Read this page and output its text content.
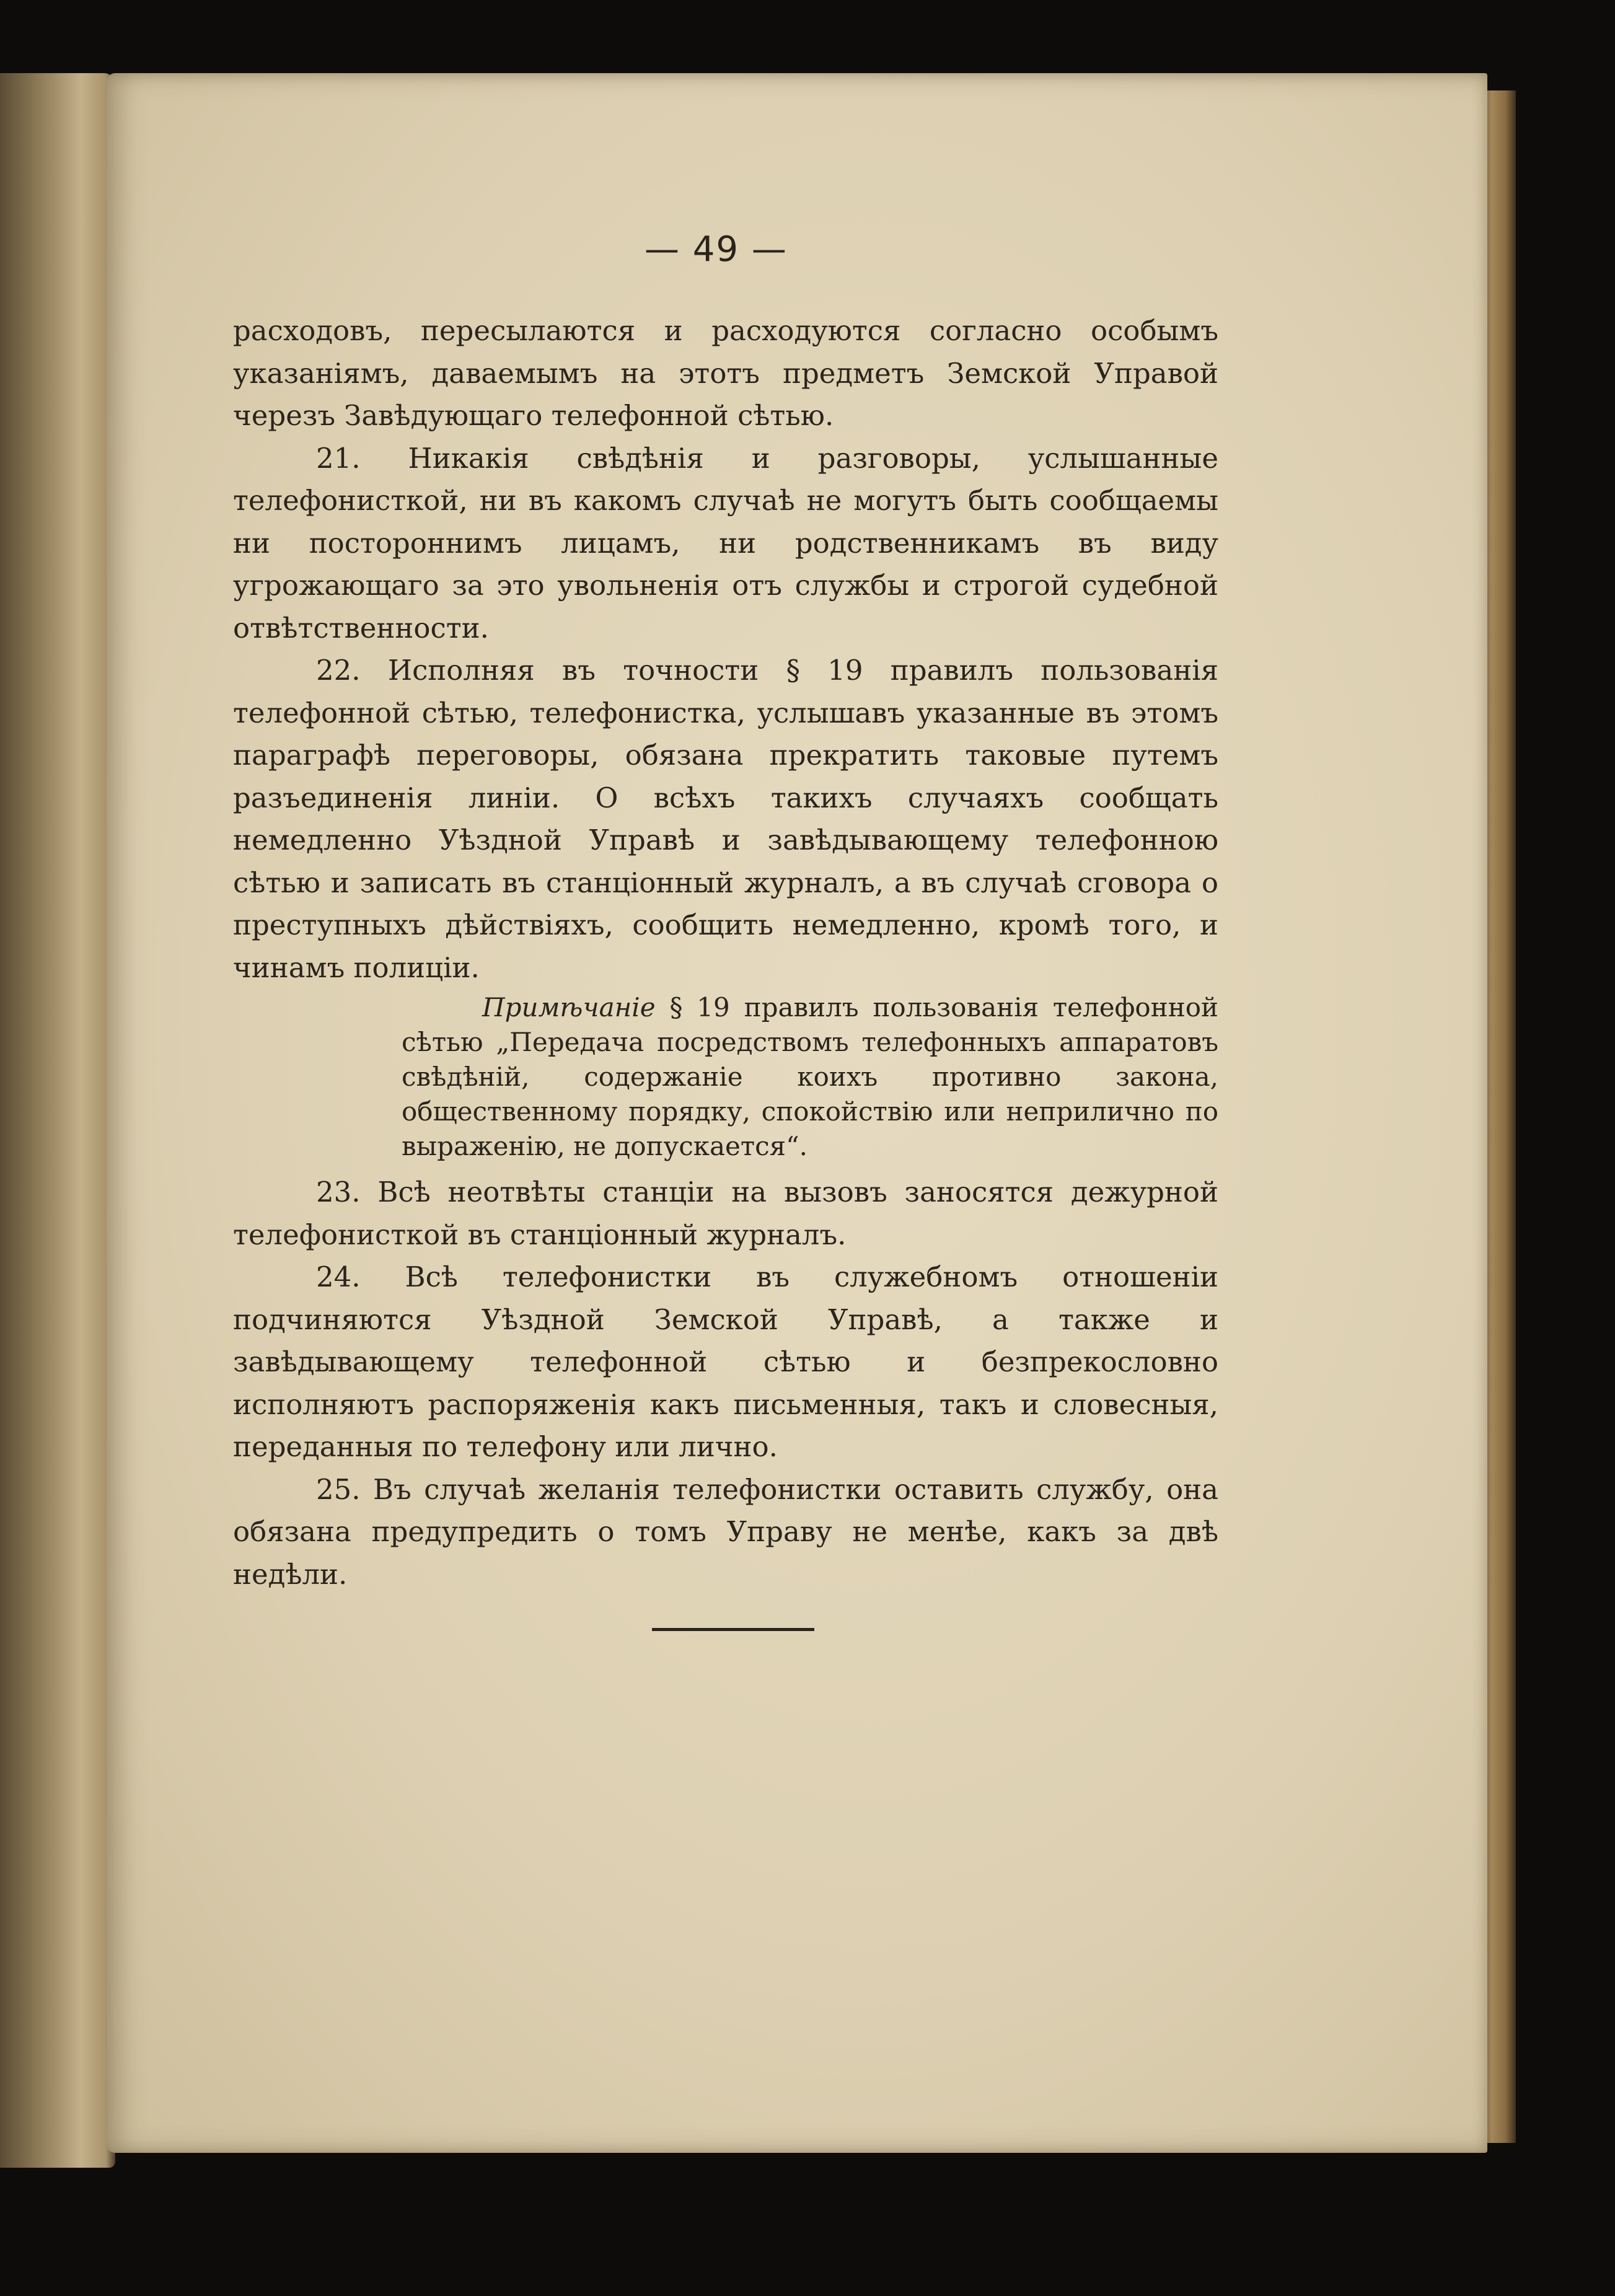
— 49 —

расходовъ, пересылаются и расходуются согласно особымъ указаніямъ, даваемымъ на этотъ предметъ Земской Управой черезъ Завѣдующаго телефонной сѣтью.

21. Никакія свѣдѣнія и разговоры, услышанные телефонисткой, ни въ какомъ случаѣ не могутъ быть сообщаемы ни постороннимъ лицамъ, ни родственникамъ въ виду угрожающаго за это увольненія отъ службы и строгой судебной отвѣтственности.

22. Исполняя въ точности § 19 правилъ пользованія телефонной сѣтью, телефонистка, услышавъ указанные въ этомъ параграфѣ переговоры, обязана прекратить таковые путемъ разъединенія линіи. О всѣхъ такихъ случаяхъ сообщать немедленно Уѣздной Управѣ и завѣдывающему телефонною сѣтью и записать въ станціонный журналъ, а въ случаѣ сговора о преступныхъ дѣйствіяхъ, сообщить немедленно, кромѣ того, и чинамъ полиціи.

Примѣчаніе § 19 правилъ пользованія телефонной сѣтью „Передача посредствомъ телефонныхъ аппаратовъ свѣдѣній, содержаніе коихъ противно закона, общественному порядку, спокойствію или неприлично по выраженію, не допускается“.

23. Всѣ неотвѣты станціи на вызовъ заносятся дежурной телефонисткой въ станціонный журналъ.

24. Всѣ телефонистки въ служебномъ отношеніи подчиняются Уѣздной Земской Управѣ, а также и завѣдывающему телефонной сѣтью и безпрекословно исполняютъ распоряженія какъ письменныя, такъ и словесныя, переданныя по телефону или лично.

25. Въ случаѣ желанія телефонистки оставить службу, она обязана предупредить о томъ Управу не менѣе, какъ за двѣ недѣли.
